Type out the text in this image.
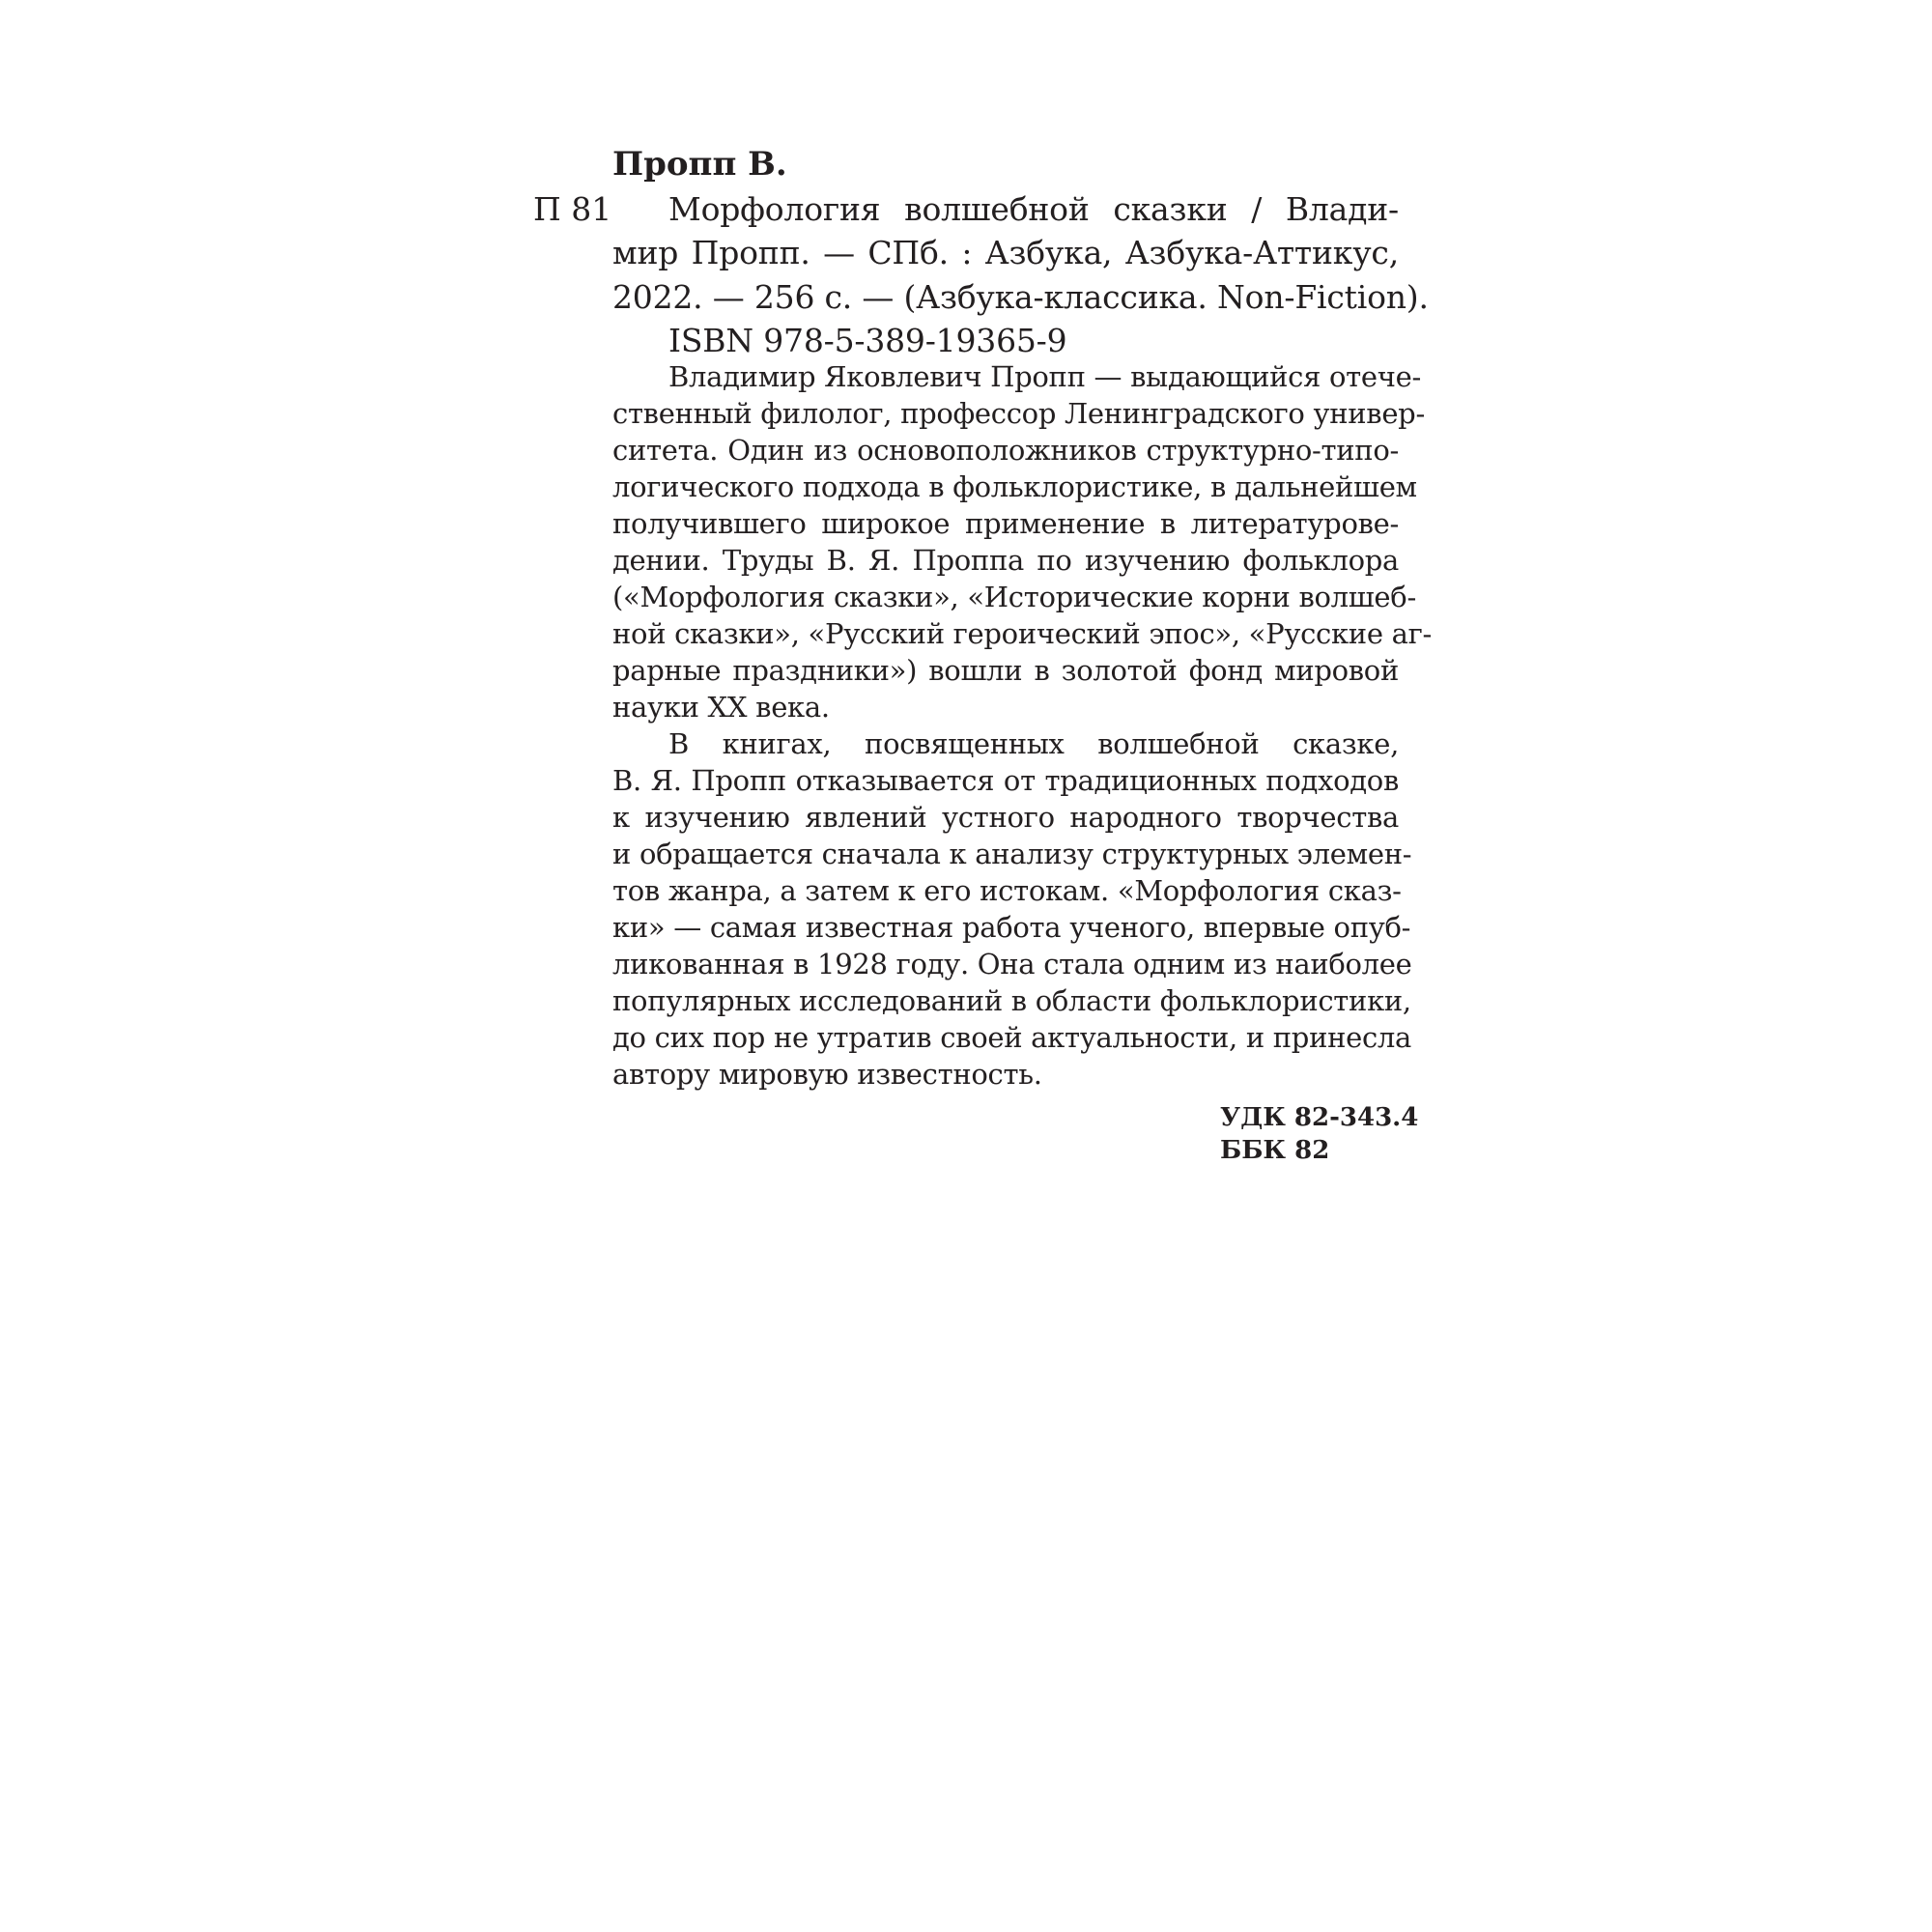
Пропп В.
П 81 Морфология волшебной сказки / Влади-
мир Пропп. — СПб. : Азбука, Азбука-Аттикус,
2022. — 256 с. — (Азбука-классика. Non-Fiction).
ISBN 978-5-389-19365-9
Владимир Яковлевич Пропп — выдающийся отече-
ственный филолог, профессор Ленинградского универ-
ситета. Один из основоположников структурно-типо-
логического подхода в фольклористике, в дальнейшем
получившего широкое применение в литературове-
дении. Труды В. Я. Проппа по изучению фольклора
(«Морфология сказки», «Исторические корни волшеб-
ной сказки», «Русский героический эпос», «Русские аг-
рарные праздники») вошли в золотой фонд мировой
науки XX века.
В книгах, посвященных волшебной сказке,
В. Я. Пропп отказывается от традиционных подходов
к изучению явлений устного народного творчества
и обращается сначала к анализу структурных элемен-
тов жанра, а затем к его истокам. «Морфология сказ-
ки» — самая известная работа ученого, впервые опуб-
ликованная в 1928 году. Она стала одним из наиболее
популярных исследований в области фольклористики,
до сих пор не утратив своей актуальности, и принесла
автору мировую известность.
УДК 82-343.4
ББК 82
